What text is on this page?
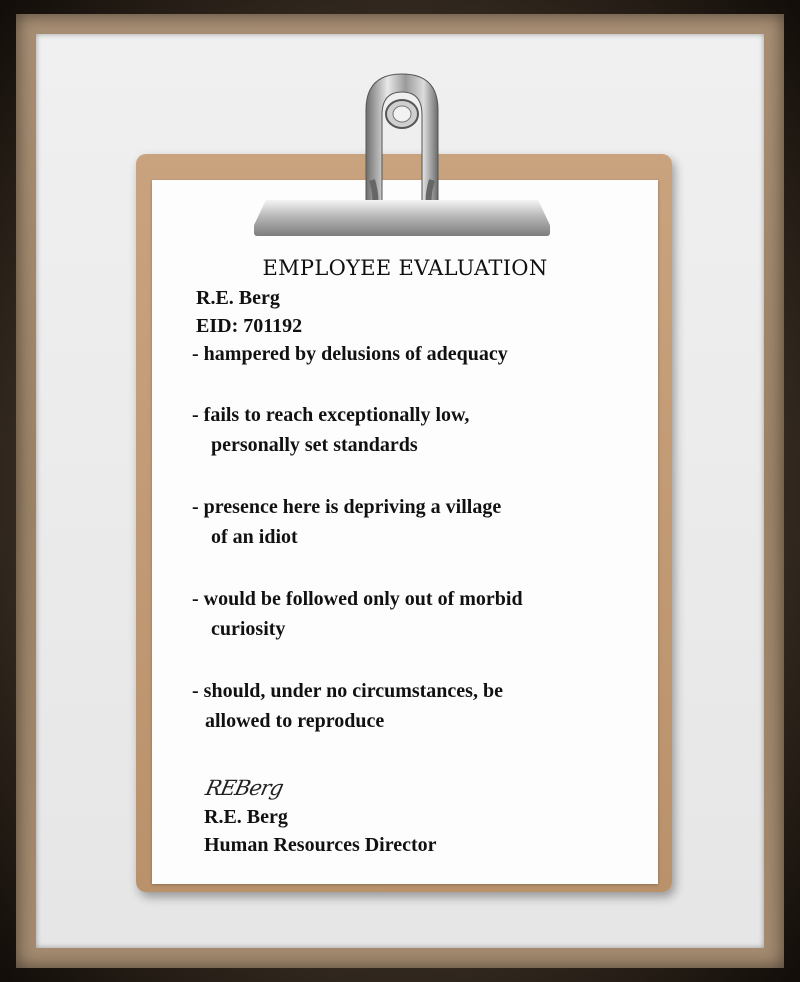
EMPLOYEE EVALUATION
R.E. Berg
EID: 701192
- hampered by delusions of adequacy
- fails to reach exceptionally low,
personally set standards
- presence here is depriving a village
of an idiot
- would be followed only out of morbid
curiosity
- should, under no circumstances, be
allowed to reproduce
REBerg
R.E. Berg
Human Resources Director
